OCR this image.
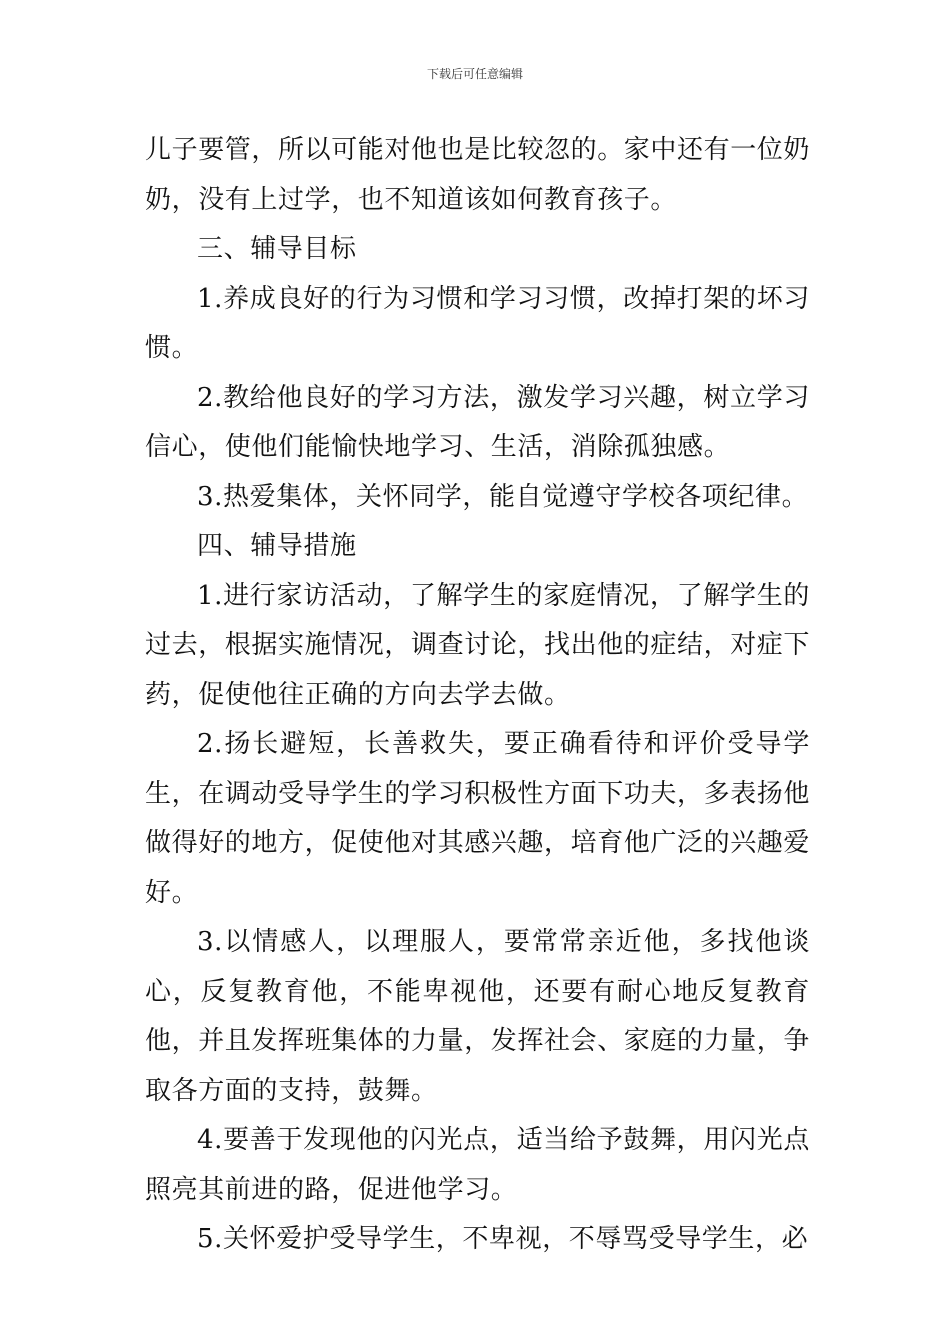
下载后可任意编辑

儿子要管，所以可能对他也是比较忽的。家中还有一位奶奶，没有上过学，也不知道该如何教育孩子。

三、辅导目标

1.养成良好的行为习惯和学习习惯，改掉打架的坏习惯。

2.教给他良好的学习方法，激发学习兴趣，树立学习信心，使他们能愉快地学习、生活，消除孤独感。

3.热爱集体，关怀同学，能自觉遵守学校各项纪律。

四、辅导措施

1.进行家访活动，了解学生的家庭情况，了解学生的过去，根据实施情况，调查讨论，找出他的症结，对症下药，促使他往正确的方向去学去做。

2.扬长避短，长善救失，要正确看待和评价受导学生，在调动受导学生的学习积极性方面下功夫，多表扬他做得好的地方，促使他对其感兴趣，培育他广泛的兴趣爱好。

3.以情感人，以理服人，要常常亲近他，多找他谈心，反复教育他，不能卑视他，还要有耐心地反复教育他，并且发挥班集体的力量，发挥社会、家庭的力量，争取各方面的支持，鼓舞。

4.要善于发现他的闪光点，适当给予鼓舞，用闪光点照亮其前进的路，促进他学习。

5.关怀爱护受导学生，不卑视，不辱骂受导学生，必
